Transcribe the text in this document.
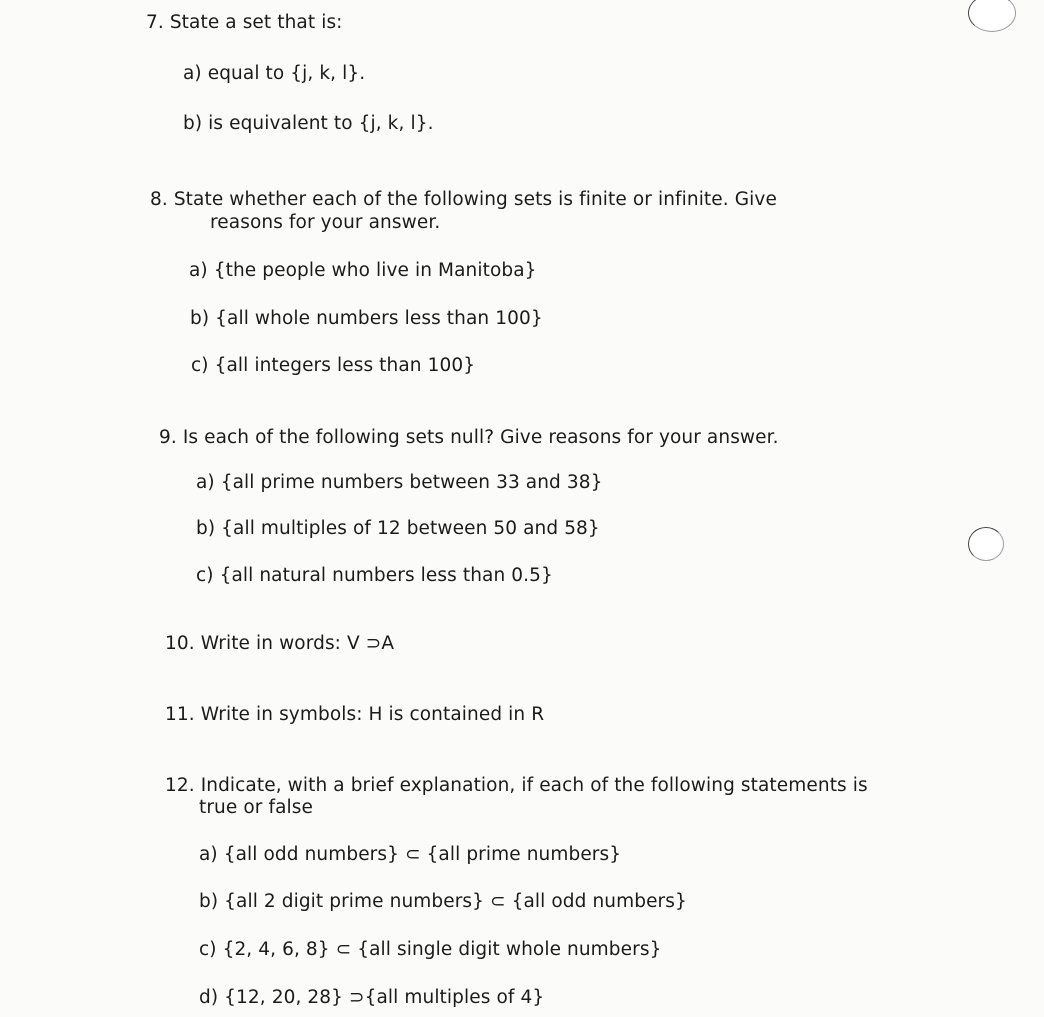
7. State a set that is:
a) equal to {j, k, l}.
b) is equivalent to {j, k, l}.
8. State whether each of the following sets is finite or infinite. Give
reasons for your answer.
a) {the people who live in Manitoba}
b) {all whole numbers less than 100}
c) {all integers less than 100}
9. Is each of the following sets null? Give reasons for your answer.
a) {all prime numbers between 33 and 38}
b) {all multiples of 12 between 50 and 58}
c) {all natural numbers less than 0.5}
10. Write in words: V ⊃A
11. Write in symbols: H is contained in R
12. Indicate, with a brief explanation, if each of the following statements is
true or false
a) {all odd numbers} ⊂ {all prime numbers}
b) {all 2 digit prime numbers} ⊂ {all odd numbers}
c) {2, 4, 6, 8} ⊂ {all single digit whole numbers}
d) {12, 20, 28} ⊃{all multiples of 4}
